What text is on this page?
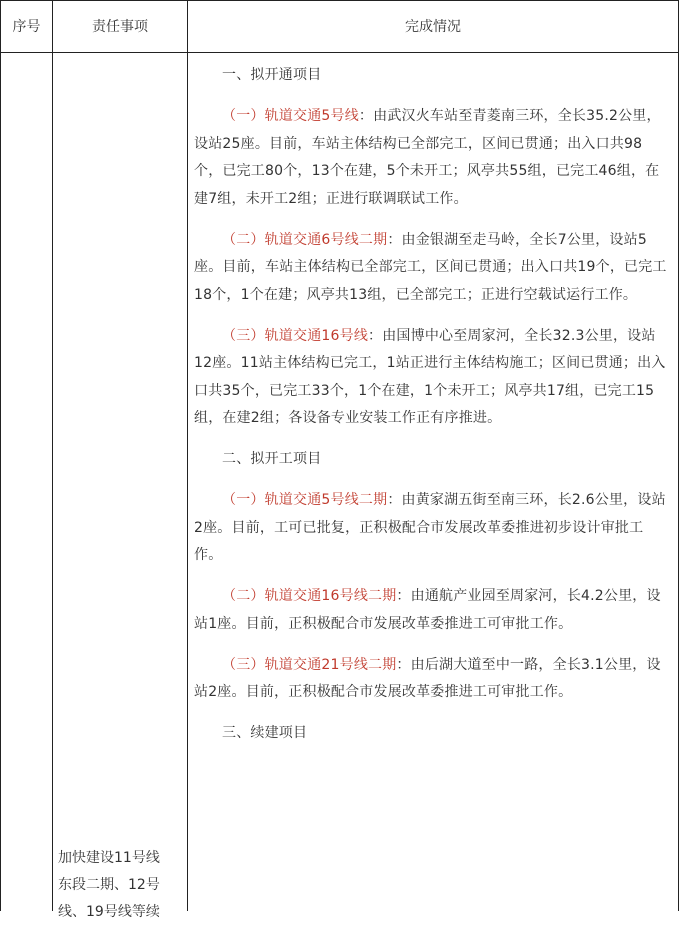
序号	责任事项	完成情况
加快建设11号线
东段二期、12号
线、19号线等续

一、拟开通项目

（一）轨道交通5号线：由武汉火车站至青菱南三环，全长35.2公里，设站25座。目前，车站主体结构已全部完工，区间已贯通；出入口共98个，已完工80个，13个在建，5个未开工；风亭共55组，已完工46组，在建7组，未开工2组；正进行联调联试工作。

（二）轨道交通6号线二期：由金银湖至走马岭，全长7公里，设站5座。目前，车站主体结构已全部完工，区间已贯通；出入口共19个，已完工18个，1个在建；风亭共13组，已全部完工；正进行空载试运行工作。

（三）轨道交通16号线：由国博中心至周家河，全长32.3公里，设站12座。11站主体结构已完工，1站正进行主体结构施工；区间已贯通；出入口共35个，已完工33个，1个在建，1个未开工；风亭共17组，已完工15组，在建2组；各设备专业安装工作正有序推进。

二、拟开工项目

（一）轨道交通5号线二期：由黄家湖五街至南三环，长2.6公里，设站2座。目前，工可已批复，正积极配合市发展改革委推进初步设计审批工作。

（二）轨道交通16号线二期：由通航产业园至周家河，长4.2公里，设站1座。目前，正积极配合市发展改革委推进工可审批工作。

（三）轨道交通21号线二期：由后湖大道至中一路，全长3.1公里，设站2座。目前，正积极配合市发展改革委推进工可审批工作。

三、续建项目
